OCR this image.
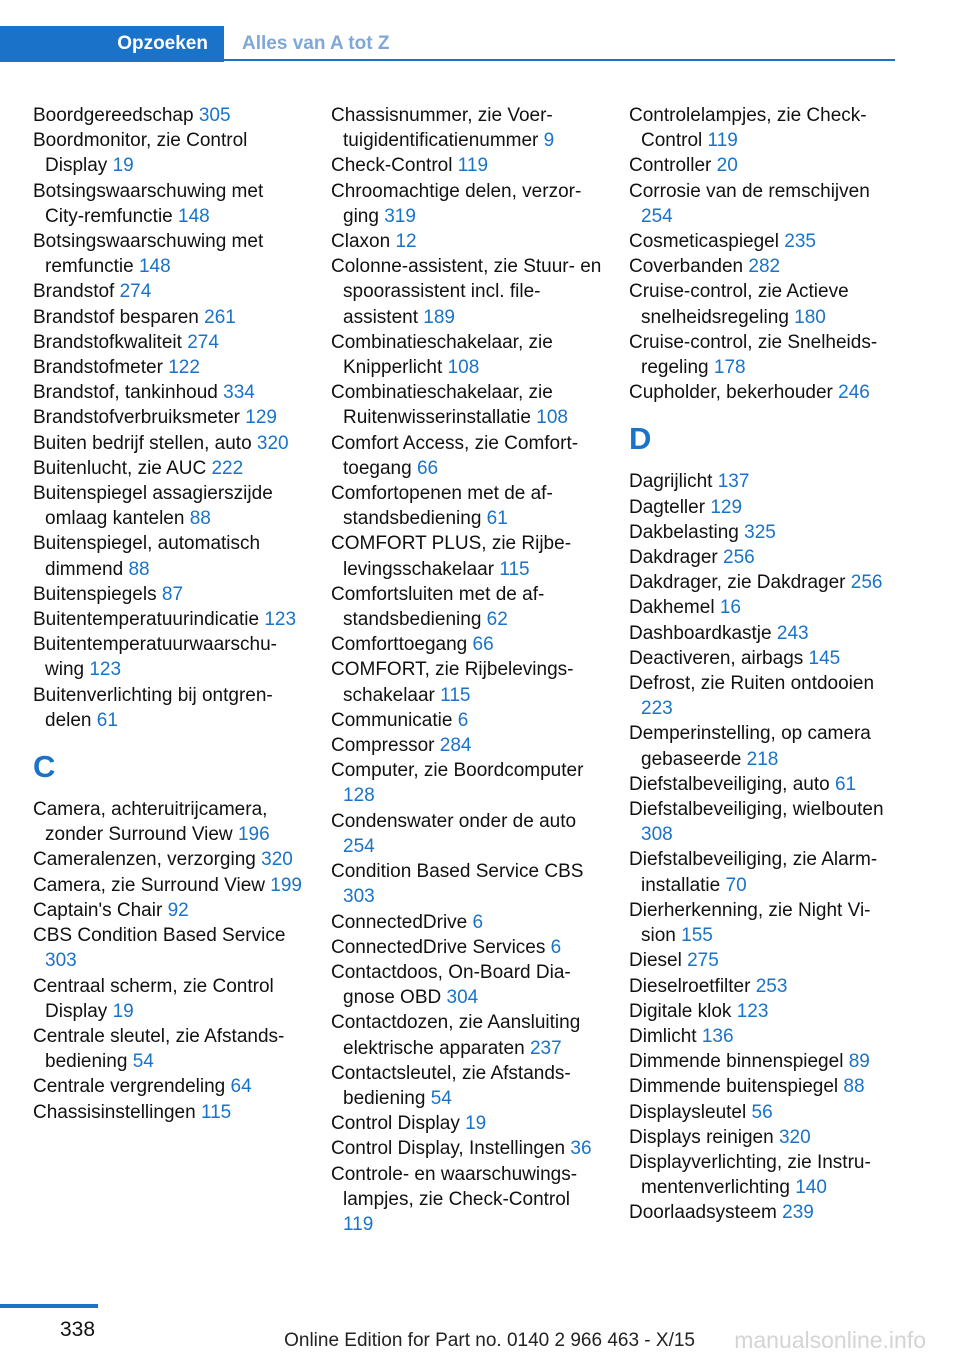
Opzoeken	Alles van A tot Z

Boordgereedschap 305

Boordmonitor, zie Control Display 19

Botsingswaarschuwing met City-remfunctie 148

Botsingswaarschuwing met remfunctie 148

Brandstof 274

Brandstof besparen 261

Brandstofkwaliteit 274

Brandstofmeter 122

Brandstof, tankinhoud 334

Brandstofverbruiksmeter 129

Buiten bedrijf stellen, auto 320

Buitenlucht, zie AUC 222

Buitenspiegel assagierszijde omlaag kantelen 88

Buitenspiegel, automatisch dimmend 88

Buitenspiegels 87

Buitentemperatuurindicatie 123

Buitentemperatuurwaarschuwing 123

Buitenverlichting bij ontgrendelen 61

C

Camera, achteruitrijcamera, zonder Surround View 196

Cameralenzen, verzorging 320

Camera, zie Surround View 199

Captain's Chair 92

CBS Condition Based Service 303

Centraal scherm, zie Control Display 19

Centrale sleutel, zie Afstandsbediening 54

Centrale vergrendeling 64

Chassisinstellingen 115

Chassisnummer, zie Voertuigidentificatienummer 9

Check-Control 119

Chroomachtige delen, verzorging 319

Claxon 12

Colonne-assistent, zie Stuur- en spoorassistent incl. fileassistent 189

Combinatieschakelaar, zie Knipperlicht 108

Combinatieschakelaar, zie Ruitenwisserinstallatie 108

Comfort Access, zie Comforttoegang 66

Comfortopenen met de afstandsbediening 61

COMFORT PLUS, zie Rijbelevingsschakelaar 115

Comfortsluiten met de afstandsbediening 62

Comforttoegang 66

COMFORT, zie Rijbelevingsschakelaar 115

Communicatie 6

Compressor 284

Computer, zie Boordcomputer 128

Condenswater onder de auto 254

Condition Based Service CBS 303

ConnectedDrive 6

ConnectedDrive Services 6

Contactdoos, On-Board Diagnose OBD 304

Contactdozen, zie Aansluiting elektrische apparaten 237

Contactsleutel, zie Afstandsbediening 54

Control Display 19

Control Display, Instellingen 36

Controle- en waarschuwingslampjes, zie Check-Control 119

Controlelampjes, zie Check-Control 119

Controller 20

Corrosie van de remschijven 254

Cosmeticaspiegel 235

Coverbanden 282

Cruise-control, zie Actieve snelheidsregeling 180

Cruise-control, zie Snelheidsregeling 178

Cupholder, bekerhouder 246

D

Dagrijlicht 137

Dagteller 129

Dakbelasting 325

Dakdrager 256

Dakdrager, zie Dakdrager 256

Dakhemel 16

Dashboardkastje 243

Deactiveren, airbags 145

Defrost, zie Ruiten ontdooien 223

Demperinstelling, op camera gebaseerde 218

Diefstalbeveiliging, auto 61

Diefstalbeveiliging, wielbouten 308

Diefstalbeveiliging, zie Alarminstallatie 70

Dierherkenning, zie Night Vision 155

Diesel 275

Dieselroetfilter 253

Digitale klok 123

Dimlicht 136

Dimmende binnenspiegel 89

Dimmende buitenspiegel 88

Displaysleutel 56

Displays reinigen 320

Displayverlichting, zie Instrumentenverlichting 140

Doorlaadsysteem 239

338	Online Edition for Part no. 0140 2 966 463 - X/15 manualsonline.info
